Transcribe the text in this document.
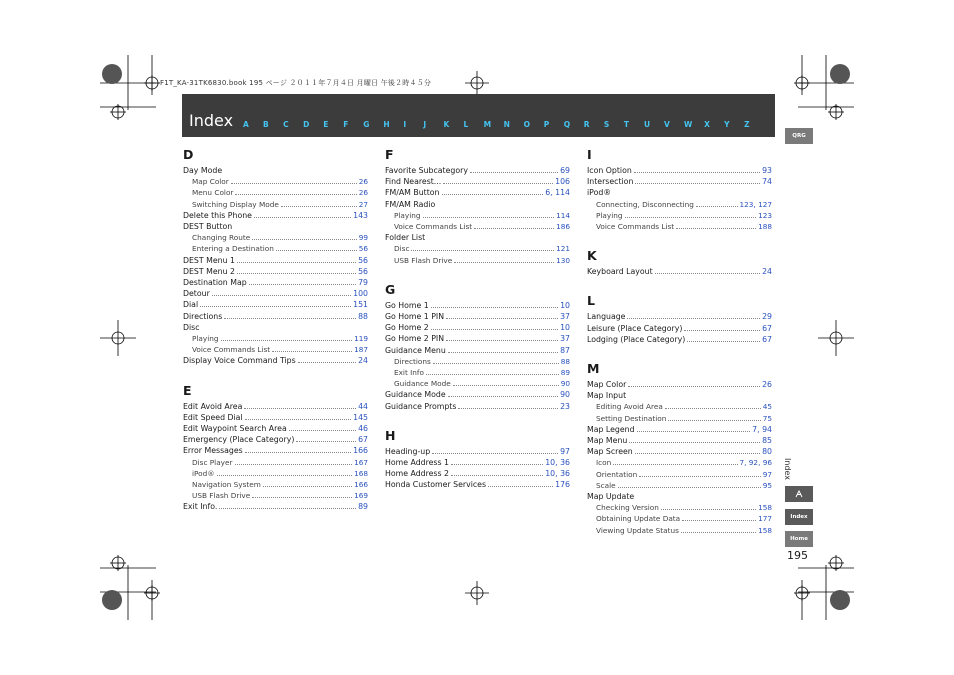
F1T_KA-31TK6830.book 195 ページ ２０１１年７月４日 月曜日 午後２時４５分
Index A	B	C	D	E	F	G	H	I	J	K	L	M	N	O	P	Q	R	S	T	U	V	W	X	Y	Z
QRG
Index
Index
Home
195
D
Day Mode
Map Color	26
Menu Color	26
Switching Display Mode	27
Delete this Phone	143
DEST Button
Changing Route	99
Entering a Destination	56
DEST Menu 1	56
DEST Menu 2	56
Destination Map	79
Detour	100
Dial	151
Directions	88
Disc
Playing	119
Voice Commands List	187
Display Voice Command Tips	24
E
Edit Avoid Area	44
Edit Speed Dial	145
Edit Waypoint Search Area	46
Emergency (Place Category)	67
Error Messages	166
Disc Player	167
iPod®	168
Navigation System	166
USB Flash Drive	169
Exit Info.	89
F
Favorite Subcategory	69
Find Nearest...	106
FM/AM Button	6, 114
FM/AM Radio
Playing	114
Voice Commands List	186
Folder List
Disc	121
USB Flash Drive	130
G
Go Home 1	10
Go Home 1 PIN	37
Go Home 2	10
Go Home 2 PIN	37
Guidance Menu	87
Directions	88
Exit Info	89
Guidance Mode	90
Guidance Mode	90
Guidance Prompts	23
H
Heading-up	97
Home Address 1	10, 36
Home Address 2	10, 36
Honda Customer Services	176
I
Icon Option	93
Intersection	74
iPod®
Connecting, Disconnecting	123, 127
Playing	123
Voice Commands List	188
K
Keyboard Layout	24
L
Language	29
Leisure (Place Category)	67
Lodging (Place Category)	67
M
Map Color	26
Map Input
Editing Avoid Area	45
Setting Destination	75
Map Legend	7, 94
Map Menu	85
Map Screen	80
Icon	7, 92, 96
Orientation	97
Scale	95
Map Update
Checking Version	158
Obtaining Update Data	177
Viewing Update Status	158
